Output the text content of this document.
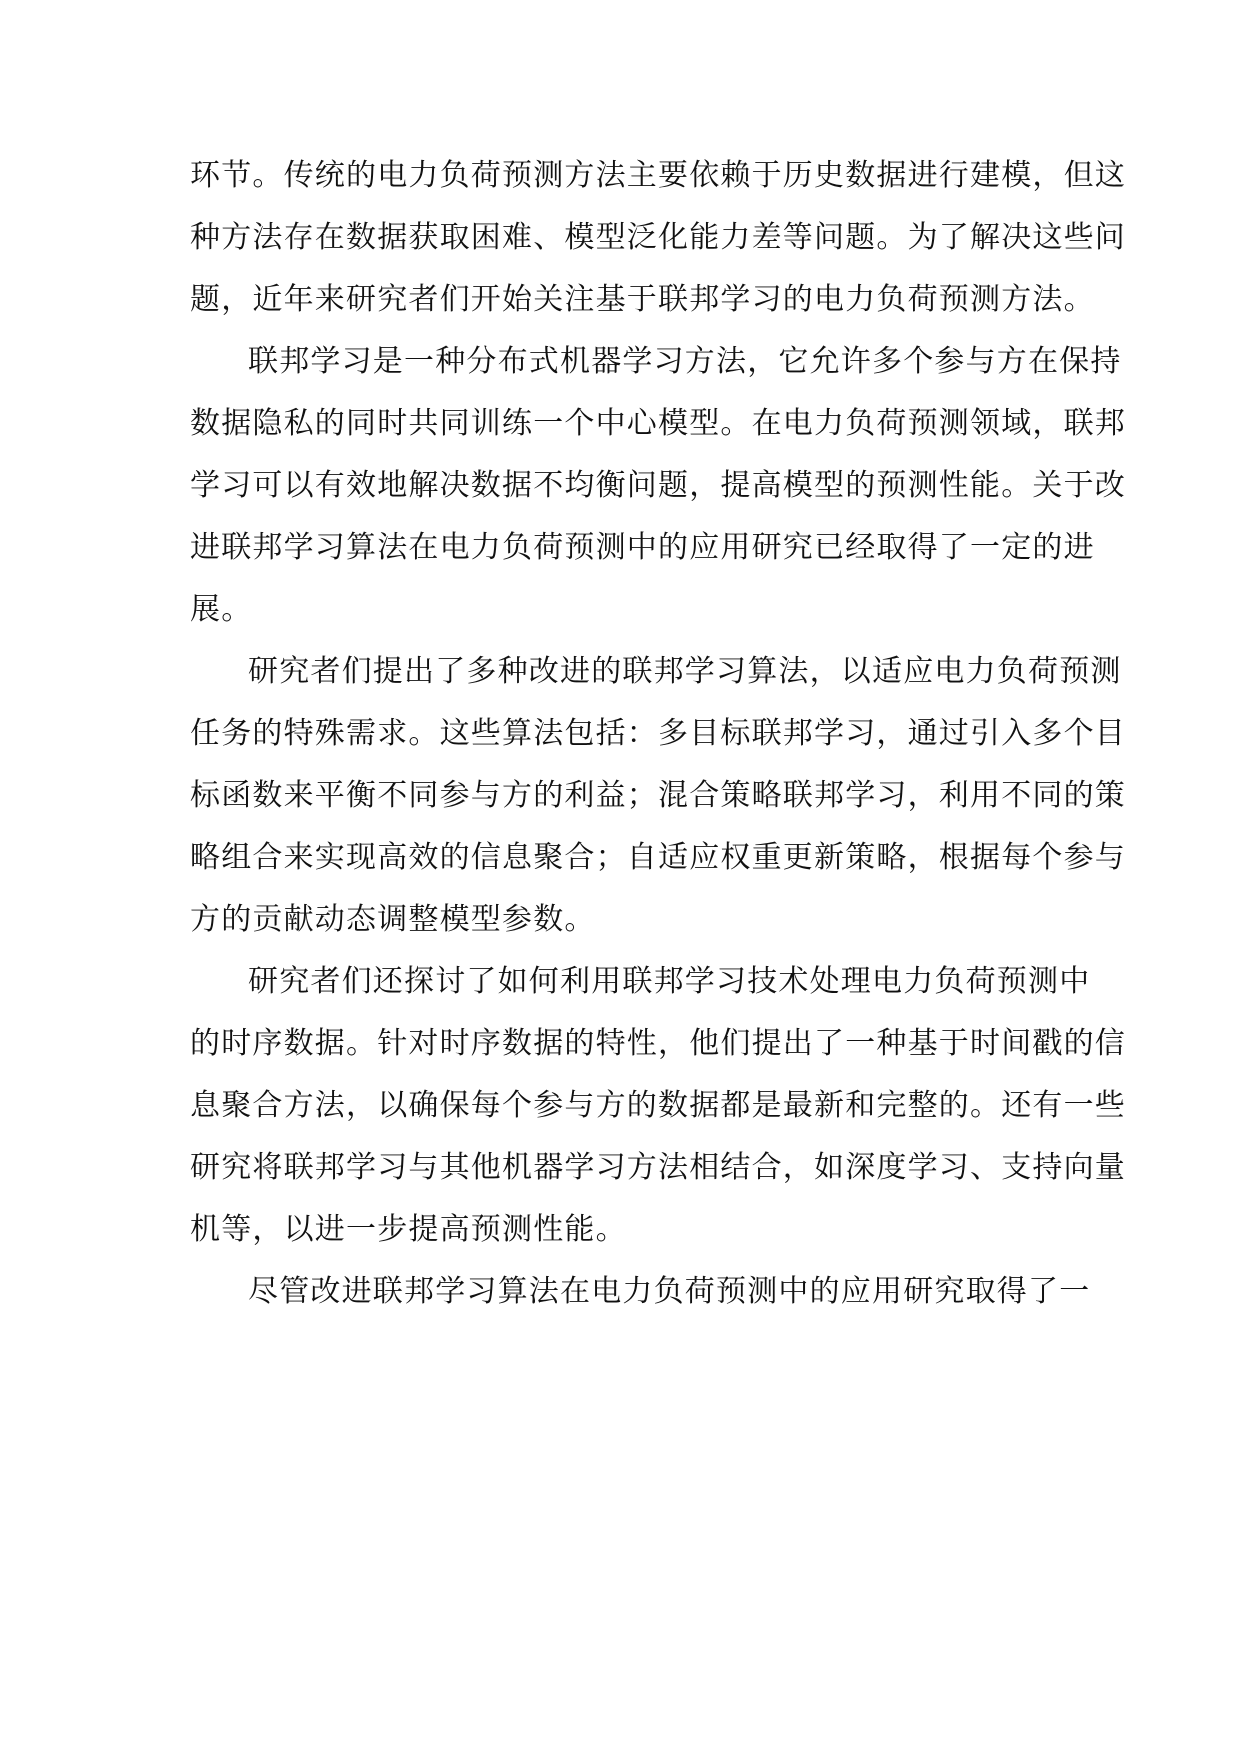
环节。传统的电力负荷预测方法主要依赖于历史数据进行建模，但这
种方法存在数据获取困难、模型泛化能力差等问题。为了解决这些问
题，近年来研究者们开始关注基于联邦学习的电力负荷预测方法。

联邦学习是一种分布式机器学习方法，它允许多个参与方在保持
数据隐私的同时共同训练一个中心模型。在电力负荷预测领域，联邦
学习可以有效地解决数据不均衡问题，提高模型的预测性能。关于改
进联邦学习算法在电力负荷预测中的应用研究已经取得了一定的进
展。

研究者们提出了多种改进的联邦学习算法，以适应电力负荷预测
任务的特殊需求。这些算法包括：多目标联邦学习，通过引入多个目
标函数来平衡不同参与方的利益；混合策略联邦学习，利用不同的策
略组合来实现高效的信息聚合；自适应权重更新策略，根据每个参与
方的贡献动态调整模型参数。

研究者们还探讨了如何利用联邦学习技术处理电力负荷预测中
的时序数据。针对时序数据的特性，他们提出了一种基于时间戳的信
息聚合方法，以确保每个参与方的数据都是最新和完整的。还有一些
研究将联邦学习与其他机器学习方法相结合，如深度学习、支持向量
机等，以进一步提高预测性能。

尽管改进联邦学习算法在电力负荷预测中的应用研究取得了一
